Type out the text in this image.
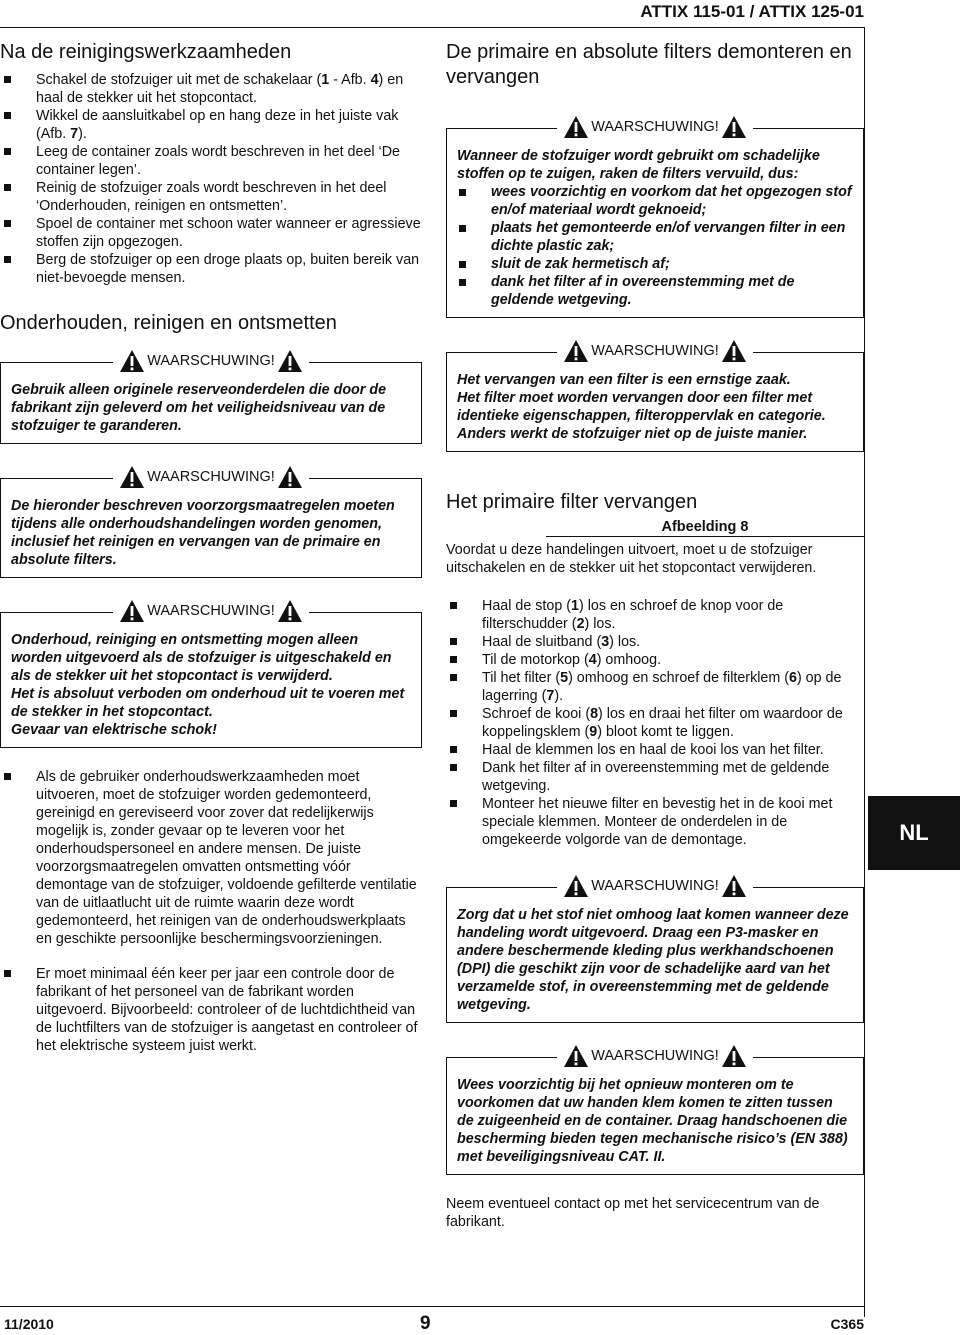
ATTIX 115-01 / ATTIX 125-01
Na de reinigingswerkzaamheden
Schakel de stofzuiger uit met de schakelaar (1 - Afb. 4) en haal de stekker uit het stopcontact.
Wikkel de aansluitkabel op en hang deze in het juiste vak (Afb. 7).
Leeg de container zoals wordt beschreven in het deel ‘De container legen’.
Reinig de stofzuiger zoals wordt beschreven in het deel ‘Onderhouden, reinigen en ontsmetten’.
Spoel de container met schoon water wanneer er agressieve stoffen zijn opgezogen.
Berg de stofzuiger op een droge plaats op, buiten bereik van niet-bevoegde mensen.
Onderhouden, reinigen en ontsmetten
WAARSCHUWING!
Gebruik alleen originele reserveonderdelen die door de fabrikant zijn geleverd om het veiligheidsniveau van de stofzuiger te garanderen.
WAARSCHUWING!
De hieronder beschreven voorzorgsmaatregelen moeten tijdens alle onderhoudshandelingen worden genomen, inclusief het reinigen en vervangen van de primaire en absolute filters.
WAARSCHUWING!
Onderhoud, reiniging en ontsmetting mogen alleen worden uitgevoerd als de stofzuiger is uitgeschakeld en als de stekker uit het stopcontact is verwijderd.
Het is absoluut verboden om onderhoud uit te voeren met de stekker in het stopcontact.
Gevaar van elektrische schok!
Als de gebruiker onderhoudswerkzaamheden moet uitvoeren, moet de stofzuiger worden gedemonteerd, gereinigd en gereviseerd voor zover dat redelijkerwijs mogelijk is, zonder gevaar op te leveren voor het onderhoudspersoneel en andere mensen. De juiste voorzorgsmaatregelen omvatten ontsmetting vóór demontage van de stofzuiger, voldoende gefilterde ventilatie van de uitlaatlucht uit de ruimte waarin deze wordt gedemonteerd, het reinigen van de onderhoudswerkplaats en geschikte persoonlijke beschermingsvoorzieningen.
Er moet minimaal één keer per jaar een controle door de fabrikant of het personeel van de fabrikant worden uitgevoerd. Bijvoorbeeld: controleer of de luchtdichtheid van de luchtfilters van de stofzuiger is aangetast en controleer of het elektrische systeem juist werkt.
De primaire en absolute filters demonteren en vervangen
WAARSCHUWING!
Wanneer de stofzuiger wordt gebruikt om schadelijke stoffen op te zuigen, raken de filters vervuild, dus:
wees voorzichtig en voorkom dat het opgezogen stof en/of materiaal wordt geknoeid;
plaats het gemonteerde en/of vervangen filter in een dichte plastic zak;
sluit de zak hermetisch af;
dank het filter af in overeenstemming met de geldende wetgeving.
WAARSCHUWING!
Het vervangen van een filter is een ernstige zaak.
Het filter moet worden vervangen door een filter met identieke eigenschappen, filteroppervlak en categorie.
Anders werkt de stofzuiger niet op de juiste manier.
Het primaire filter vervangen
Afbeelding 8

Voordat u deze handelingen uitvoert, moet u de stofzuiger uitschakelen en de stekker uit het stopcontact verwijderen.

Haal de stop (1) los en schroef de knop voor de filterschudder (2) los.
Haal de sluitband (3) los.
Til de motorkop (4) omhoog.
Til het filter (5) omhoog en schroef de filterklem (6) op de lagerring (7).
Schroef de kooi (8) los en draai het filter om waardoor de koppelingsklem (9) bloot komt te liggen.
Haal de klemmen los en haal de kooi los van het filter.
Dank het filter af in overeenstemming met de geldende wetgeving.
Monteer het nieuwe filter en bevestig het in de kooi met speciale klemmen. Monteer de onderdelen in de omgekeerde volgorde van de demontage.
WAARSCHUWING!
Zorg dat u het stof niet omhoog laat komen wanneer deze handeling wordt uitgevoerd. Draag een P3-masker en andere beschermende kleding plus werkhandschoenen (DPI) die geschikt zijn voor de schadelijke aard van het verzamelde stof, in overeenstemming met de geldende wetgeving.
WAARSCHUWING!
Wees voorzichtig bij het opnieuw monteren om te voorkomen dat uw handen klem komen te zitten tussen de zuigeenheid en de container. Draag handschoenen die bescherming bieden tegen mechanische risico’s (EN 388) met beveiligingsniveau CAT. II.

Neem eventueel contact op met het servicecentrum van de fabrikant.

NL
11/2010	9	C365
